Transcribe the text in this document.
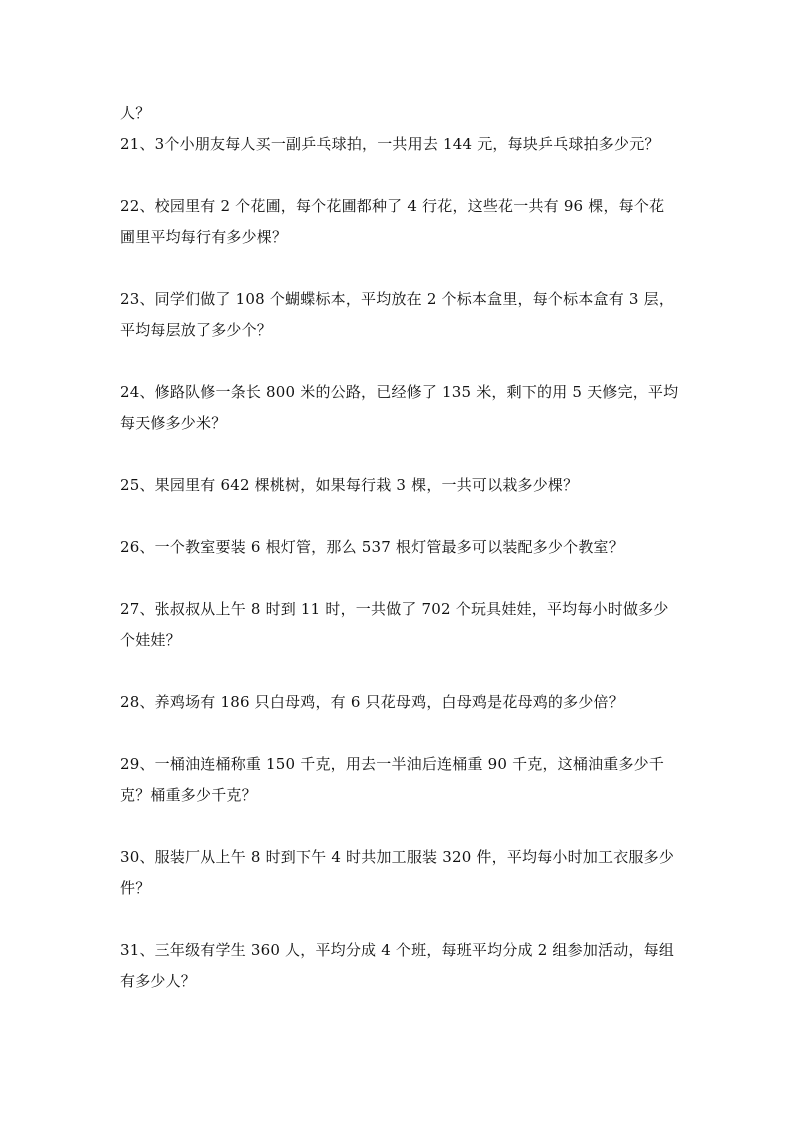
人？
21、3个小朋友每人买一副乒乓球拍，一共用去 144 元，每块乒乓球拍多少元？
22、校园里有 2 个花圃，每个花圃都种了 4 行花，这些花一共有 96 棵，每个花
圃里平均每行有多少棵？
23、同学们做了 108 个蝴蝶标本，平均放在 2 个标本盒里，每个标本盒有 3 层，
平均每层放了多少个？
24、修路队修一条长 800 米的公路，已经修了 135 米，剩下的用 5 天修完，平均
每天修多少米？
25、果园里有 642 棵桃树，如果每行栽 3 棵，一共可以栽多少棵？
26、一个教室要装 6 根灯管，那么 537 根灯管最多可以装配多少个教室？
27、张叔叔从上午 8 时到 11 时，一共做了 702 个玩具娃娃，平均每小时做多少
个娃娃？
28、养鸡场有 186 只白母鸡，有 6 只花母鸡，白母鸡是花母鸡的多少倍？
29、一桶油连桶称重 150 千克，用去一半油后连桶重 90 千克，这桶油重多少千
克？桶重多少千克？
30、服装厂从上午 8 时到下午 4 时共加工服装 320 件，平均每小时加工衣服多少
件？
31、三年级有学生 360 人，平均分成 4 个班，每班平均分成 2 组参加活动，每组
有多少人？
